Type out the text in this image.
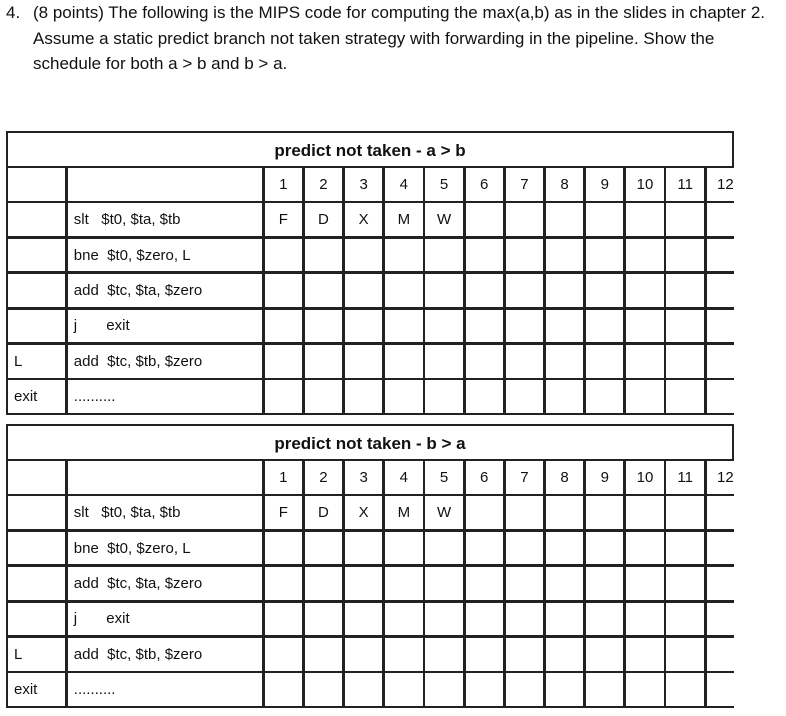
4. (8 points) The following is the MIPS code for computing the max(a,b) as in the slides in chapter 2. Assume a static predict branch not taken strategy with forwarding in the pipeline. Show the schedule for both a > b and b > a.
predict not taken - a > b
1	2	3	4	5	6	7	8	9	10	11	12
slt   $t0, $ta, $tb	F	D	X	M	W
bne  $t0, $zero, L
add  $tc, $ta, $zero
j       exit
L	add  $tc, $tb, $zero
exit	..........
predict not taken - b > a
1	2	3	4	5	6	7	8	9	10	11	12
slt   $t0, $ta, $tb	F	D	X	M	W
bne  $t0, $zero, L
add  $tc, $ta, $zero
j       exit
L	add  $tc, $tb, $zero
exit	..........
